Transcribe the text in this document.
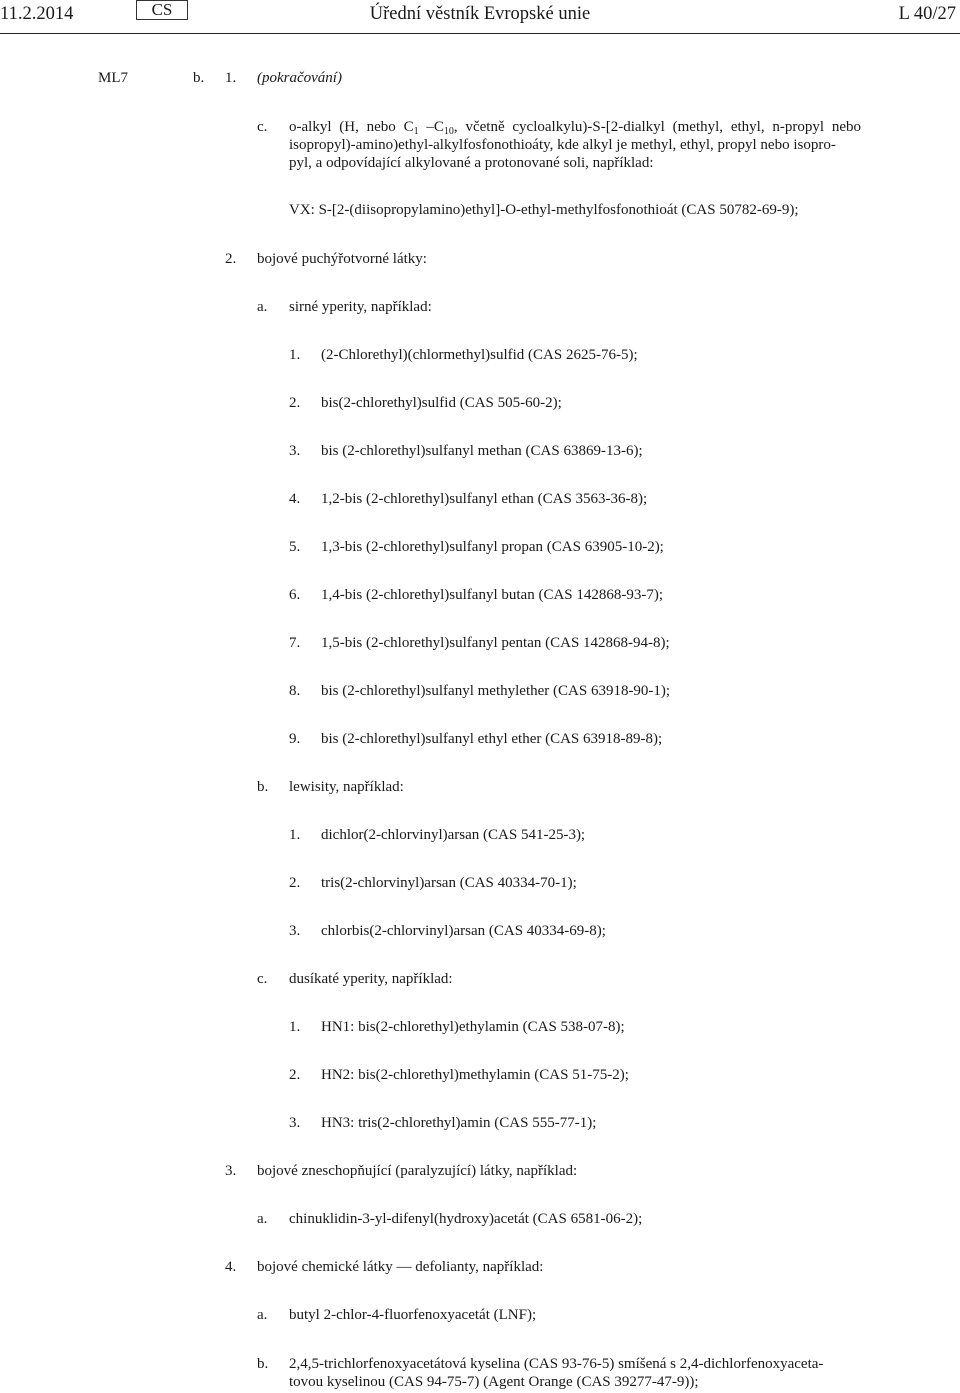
11.2.2014	CS	Úřední věstník Evropské unie	L 40/27
ML7	b. 1. (pokračování)
c. o-alkyl (H, nebo $C_1$ $-C_{10}$, včetně cycloalkylu)-S-[2-dialkyl (methyl, ethyl, n-propyl nebo isopropyl)-amino)ethyl-alkylfosfonothioáty, kde alkyl je methyl, ethyl, propyl nebo isopro-

pyl, a odpovídající alkylované a protonované soli, například:

VX: S-[2-(diisopropylamino)ethyl]-O-ethyl-methylfosfonothioát (CAS 50782-69-9);
2. bojové puchýřotvorné látky:
a. sirné yperity, například:
1. (2-Chlorethyl)(chlormethyl)sulfid (CAS 2625-76-5);
2. bis(2-chlorethyl)sulfid (CAS 505-60-2);
3. bis (2-chlorethyl)sulfanyl methan (CAS 63869-13-6);
4. 1,2-bis (2-chlorethyl)sulfanyl ethan (CAS 3563-36-8);
5. 1,3-bis (2-chlorethyl)sulfanyl propan (CAS 63905-10-2);
6. 1,4-bis (2-chlorethyl)sulfanyl butan (CAS 142868-93-7);
7. 1,5-bis (2-chlorethyl)sulfanyl pentan (CAS 142868-94-8);
8. bis (2-chlorethyl)sulfanyl methylether (CAS 63918-90-1);
9. bis (2-chlorethyl)sulfanyl ethyl ether (CAS 63918-89-8);
b. lewisity, například:
1. dichlor(2-chlorvinyl)arsan (CAS 541-25-3);
2. tris(2-chlorvinyl)arsan (CAS 40334-70-1);
3. chlorbis(2-chlorvinyl)arsan (CAS 40334-69-8);
c. dusíkaté yperity, například:
1. HN1: bis(2-chlorethyl)ethylamin (CAS 538-07-8);
2. HN2: bis(2-chlorethyl)methylamin (CAS 51-75-2);
3. HN3: tris(2-chlorethyl)amin (CAS 555-77-1);
3. bojové zneschopňující (paralyzující) látky, například:
a. chinuklidin-3-yl-difenyl(hydroxy)acetát (CAS 6581-06-2);
4. bojové chemické látky — defolianty, například:
a. butyl 2-chlor-4-fluorfenoxyacetát (LNF);
b. 2,4,5-trichlorfenoxyacetátová kyselina (CAS 93-76-5) smíšená s 2,4-dichlorfenoxyaceta-

tovou kyselinou (CAS 94-75-7) (Agent Orange (CAS 39277-47-9));
